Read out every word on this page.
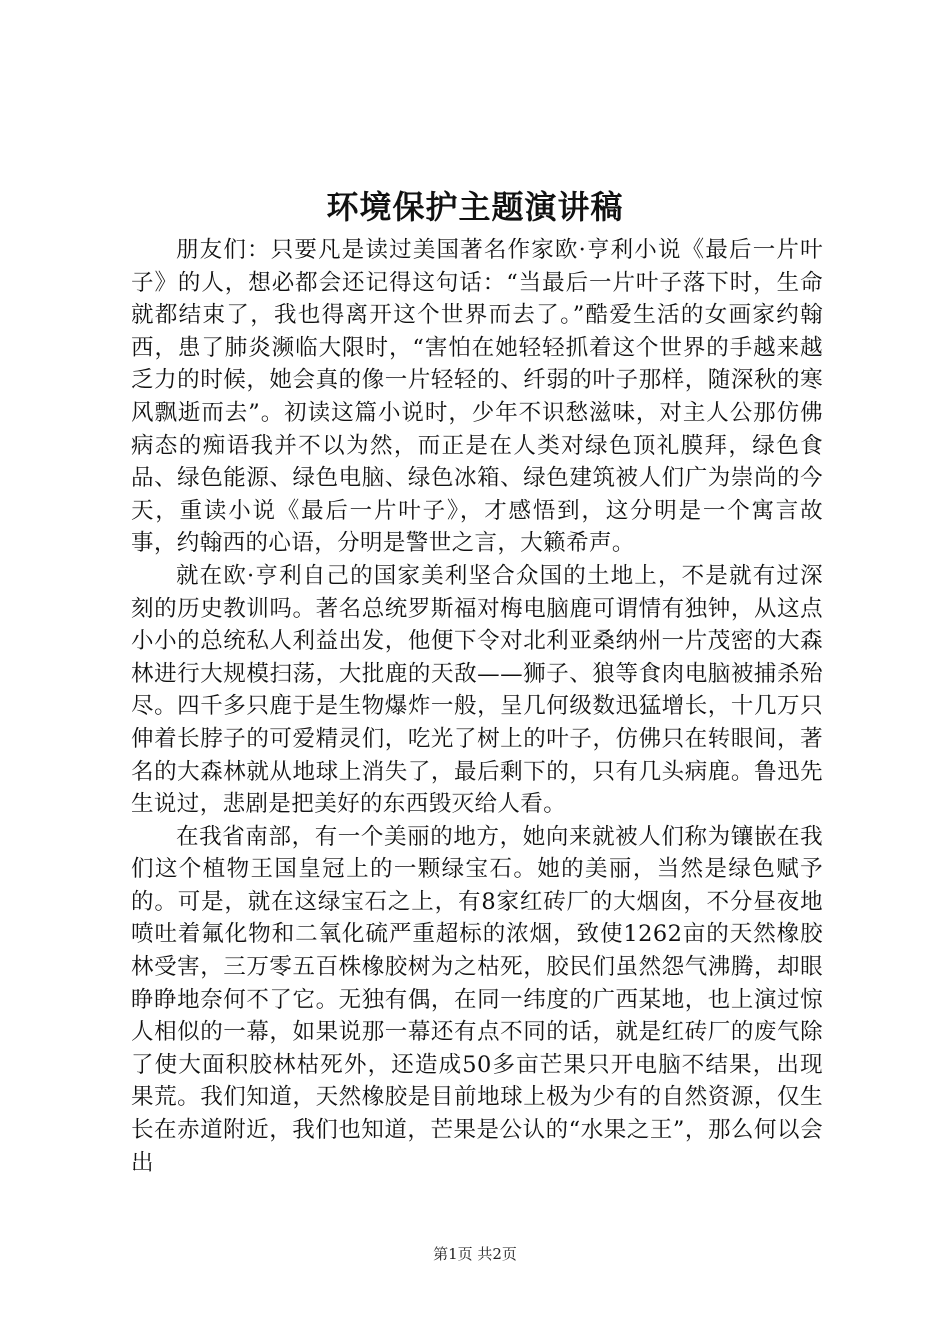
环境保护主题演讲稿

朋友们：只要凡是读过美国著名作家欧·亨利小说《最后一片叶子》的人，想必都会还记得这句话：“当最后一片叶子落下时，生命就都结束了，我也得离开这个世界而去了。”酷爱生活的女画家约翰西，患了肺炎濒临大限时，“害怕在她轻轻抓着这个世界的手越来越乏力的时候，她会真的像一片轻轻的、纤弱的叶子那样，随深秋的寒风飘逝而去”。初读这篇小说时，少年不识愁滋味，对主人公那仿佛病态的痴语我并不以为然，而正是在人类对绿色顶礼膜拜，绿色食品、绿色能源、绿色电脑、绿色冰箱、绿色建筑被人们广为崇尚的今天，重读小说《最后一片叶子》，才感悟到，这分明是一个寓言故事，约翰西的心语，分明是警世之言，大籁希声。

就在欧·亨利自己的国家美利坚合众国的土地上，不是就有过深刻的历史教训吗。著名总统罗斯福对梅电脑鹿可谓情有独钟，从这点小小的总统私人利益出发，他便下令对北利亚桑纳州一片茂密的大森林进行大规模扫荡，大批鹿的天敌——狮子、狼等食肉电脑被捕杀殆尽。四千多只鹿于是生物爆炸一般，呈几何级数迅猛增长，十几万只伸着长脖子的可爱精灵们，吃光了树上的叶子，仿佛只在转眼间，著名的大森林就从地球上消失了，最后剩下的，只有几头病鹿。鲁迅先生说过，悲剧是把美好的东西毁灭给人看。

在我省南部，有一个美丽的地方，她向来就被人们称为镶嵌在我们这个植物王国皇冠上的一颗绿宝石。她的美丽，当然是绿色赋予的。可是，就在这绿宝石之上，有8家红砖厂的大烟囱，不分昼夜地喷吐着氟化物和二氧化硫严重超标的浓烟，致使1262亩的天然橡胶林受害，三万零五百株橡胶树为之枯死，胶民们虽然怨气沸腾，却眼睁睁地奈何不了它。无独有偶，在同一纬度的广西某地，也上演过惊人相似的一幕，如果说那一幕还有点不同的话，就是红砖厂的废气除了使大面积胶林枯死外，还造成50多亩芒果只开电脑不结果，出现果荒。我们知道，天然橡胶是目前地球上极为少有的自然资源，仅生长在赤道附近，我们也知道，芒果是公认的“水果之王”，那么何以会出

第1页 共2页
